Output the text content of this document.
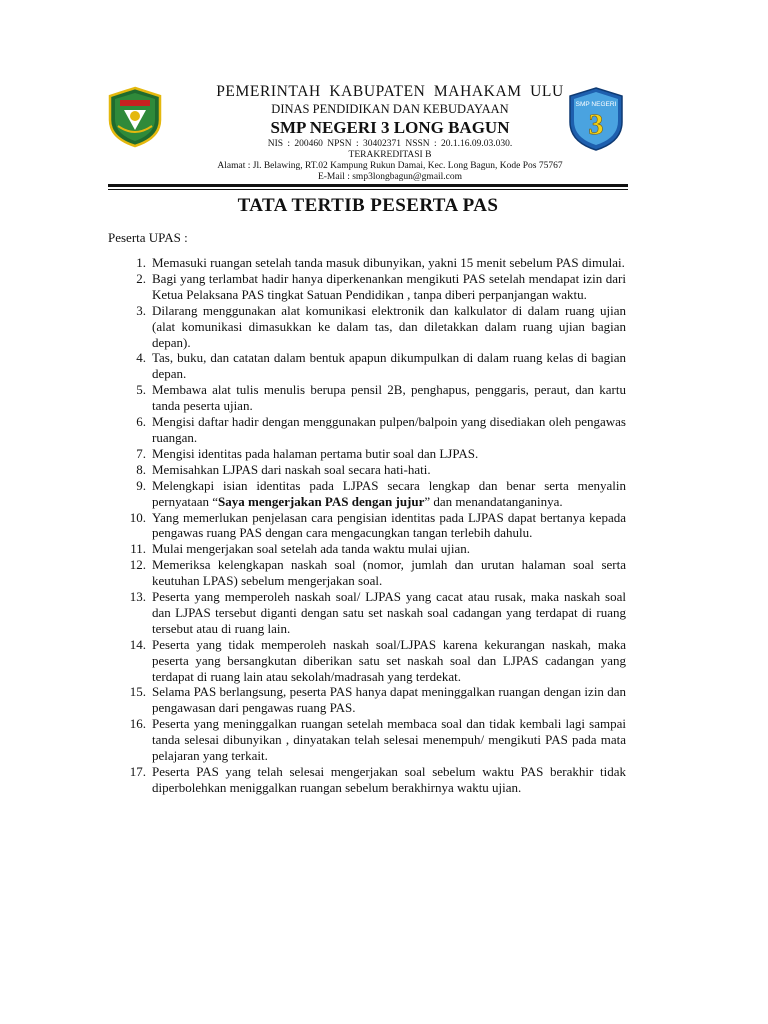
SMP NEGERI
3
PEMERINTAH KABUPATEN MAHAKAM ULU
DINAS PENDIDIKAN DAN KEBUDAYAAN
SMP NEGERI 3 LONG BAGUN
NIS : 200460 NPSN : 30402371 NSSN : 20.1.16.09.03.030.
TERAKREDITASI B
Alamat : Jl. Belawing, RT.02 Kampung Rukun Damai, Kec. Long Bagun, Kode Pos 75767
E-Mail : smp3longbagun@gmail.com
TATA TERTIB PESERTA PAS
Peserta UPAS :
1. Memasuki ruangan setelah tanda masuk dibunyikan, yakni 15 menit sebelum PAS dimulai.
2. Bagi yang terlambat hadir hanya diperkenankan mengikuti PAS setelah mendapat izin dari Ketua Pelaksana PAS tingkat Satuan Pendidikan , tanpa diberi perpanjangan waktu.
3. Dilarang menggunakan alat komunikasi elektronik dan kalkulator di dalam ruang ujian (alat komunikasi dimasukkan ke dalam tas, dan diletakkan dalam ruang ujian bagian depan).
4. Tas, buku, dan catatan dalam bentuk apapun dikumpulkan di dalam ruang kelas di bagian depan.
5. Membawa alat tulis menulis berupa pensil 2B, penghapus, penggaris, peraut, dan kartu tanda peserta ujian.
6. Mengisi daftar hadir dengan menggunakan pulpen/balpoin yang disediakan oleh pengawas ruangan.
7. Mengisi identitas pada halaman pertama butir soal dan LJPAS.
8. Memisahkan LJPAS dari naskah soal secara hati-hati.
9. Melengkapi isian identitas pada LJPAS secara lengkap dan benar serta menyalin pernyataan “Saya mengerjakan PAS dengan jujur” dan menandatanganinya.
10. Yang memerlukan penjelasan cara pengisian identitas pada LJPAS dapat bertanya kepada pengawas ruang PAS dengan cara mengacungkan tangan terlebih dahulu.
11. Mulai mengerjakan soal setelah ada tanda waktu mulai ujian.
12. Memeriksa kelengkapan naskah soal (nomor, jumlah dan urutan halaman soal serta keutuhan LPAS) sebelum mengerjakan soal.
13. Peserta yang memperoleh naskah soal/ LJPAS yang cacat atau rusak, maka naskah soal dan LJPAS tersebut diganti dengan satu set naskah soal cadangan yang terdapat di ruang tersebut atau di ruang lain.
14. Peserta yang tidak memperoleh naskah soal/LJPAS karena kekurangan naskah, maka peserta yang bersangkutan diberikan satu set naskah soal dan LJPAS cadangan yang terdapat di ruang lain atau sekolah/madrasah yang terdekat.
15. Selama PAS berlangsung, peserta PAS hanya dapat meninggalkan ruangan dengan izin dan pengawasan dari pengawas ruang PAS.
16. Peserta yang meninggalkan ruangan setelah membaca soal dan tidak kembali lagi sampai tanda selesai dibunyikan , dinyatakan telah selesai menempuh/ mengikuti PAS pada mata pelajaran yang terkait.
17. Peserta PAS yang telah selesai mengerjakan soal sebelum waktu PAS berakhir tidak diperbolehkan meniggalkan ruangan sebelum berakhirnya waktu ujian.
